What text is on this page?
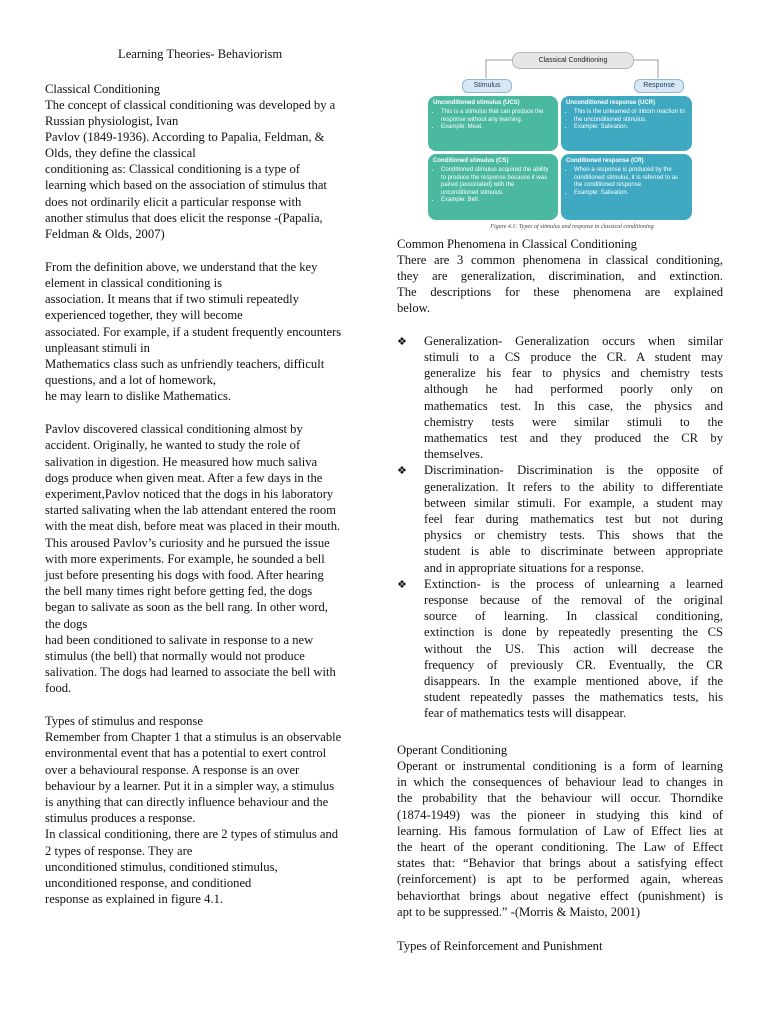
Learning Theories- Behaviorism
Classical Conditioning
The concept of classical conditioning was developed by a
Russian physiologist, Ivan
Pavlov (1849-1936). According to Papalia, Feldman, &
Olds, they define the classical
conditioning as: Classical conditioning is a type of
learning which based on the association of stimulus that
does not ordinarily elicit a particular response with
another stimulus that does elicit the response -(Papalia,
Feldman & Olds, 2007)
From the definition above, we understand that the key
element in classical conditioning is
association. It means that if two stimuli repeatedly
experienced together, they will become
associated. For example, if a student frequently encounters
unpleasant stimuli in
Mathematics class such as unfriendly teachers, difficult
questions, and a lot of homework,
he may learn to dislike Mathematics.
Pavlov discovered classical conditioning almost by
accident. Originally, he wanted to study the role of
salivation in digestion. He measured how much saliva
dogs produce when given meat. After a few days in the
experiment,Pavlov noticed that the dogs in his laboratory
started salivating when the lab attendant entered the room
with the meat dish, before meat was placed in their mouth.
This aroused Pavlov’s curiosity and he pursued the issue
with more experiments. For example, he sounded a bell
just before presenting his dogs with food. After hearing
the bell many times right before getting fed, the dogs
began to salivate as soon as the bell rang. In other word,
the dogs
had been conditioned to salivate in response to a new
stimulus (the bell) that normally would not produce
salivation. The dogs had learned to associate the bell with
food.
Types of stimulus and response
Remember from Chapter 1 that a stimulus is an observable
environmental event that has a potential to exert control
over a behavioural response. A response is an over
behaviour by a learner. Put it in a simpler way, a stimulus
is anything that can directly influence behaviour and the
stimulus produces a response.
In classical conditioning, there are 2 types of stimulus and
2 types of response. They are
unconditioned stimulus, conditioned stimulus,
unconditioned response, and conditioned
response as explained in figure 4.1.
Classical Conditioning
Stimulus	Response
Unconditioned stimulus (UCS)
• This is a stimulus that can produce the response without any learning.
• Example: Meat.
Unconditioned response (UCR)
• This is the unlearned or inborn reaction to the unconditioned stimulus.
• Example: Salivation.
Conditioned stimulus (CS)
• Conditioned stimulus acquired the ability to produce the response because it was paired (associated) with the unconditioned stimulus.
• Example: Bell.
Conditioned response (CR)
• When a response is produced by the conditioned stimulus, it is referred to as the conditioned response.
• Example: Salivation.
Figure 4.1: Types of stimulus and response in classical conditioning
Common Phenomena in Classical Conditioning
There are 3 common phenomena in classical conditioning,
they are generalization, discrimination, and extinction.
The descriptions for these phenomena are explained
below.
❖ Generalization- Generalization occurs when similar
stimuli to a CS produce the CR. A student may
generalize his fear to physics and chemistry tests
although he had performed poorly only on
mathematics test. In this case, the physics and
chemistry tests were similar stimuli to the
mathematics test and they produced the CR by
themselves.
❖ Discrimination- Discrimination is the opposite of
generalization. It refers to the ability to differentiate
between similar stimuli. For example, a student may
feel fear during mathematics test but not during
physics or chemistry tests. This shows that the
student is able to discriminate between appropriate
and in appropriate situations for a response.
❖ Extinction- is the process of unlearning a learned
response because of the removal of the original
source of learning. In classical conditioning,
extinction is done by repeatedly presenting the CS
without the US. This action will decrease the
frequency of previously CR. Eventually, the CR
disappears. In the example mentioned above, if the
student repeatedly passes the mathematics tests, his
fear of mathematics tests will disappear.
Operant Conditioning
Operant or instrumental conditioning is a form of learning
in which the consequences of behaviour lead to changes in
the probability that the behaviour will occur. Thorndike
(1874-1949) was the pioneer in studying this kind of
learning. His famous formulation of Law of Effect lies at
the heart of the operant conditioning. The Law of Effect
states that: “Behavior that brings about a satisfying effect
(reinforcement) is apt to be performed again, whereas
behaviorthat brings about negative effect (punishment) is
apt to be suppressed.” -(Morris & Maisto, 2001)
Types of Reinforcement and Punishment
